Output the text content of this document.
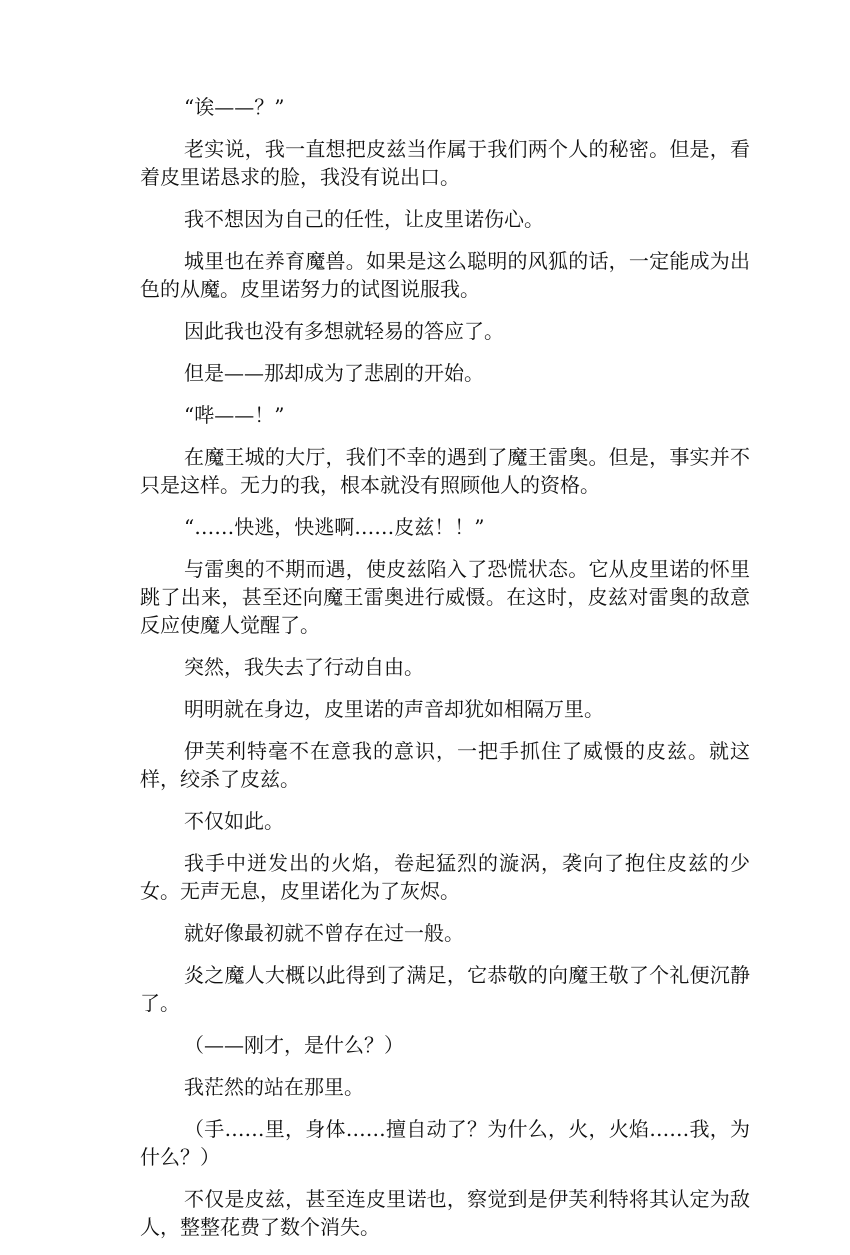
“诶——？”

老实说，我一直想把皮兹当作属于我们两个人的秘密。但是，看着皮里诺恳求的脸，我没有说出口。

我不想因为自己的任性，让皮里诺伤心。

城里也在养育魔兽。如果是这么聪明的风狐的话，一定能成为出色的从魔。皮里诺努力的试图说服我。

因此我也没有多想就轻易的答应了。

但是——那却成为了悲剧的开始。

“哔——！”

在魔王城的大厅，我们不幸的遇到了魔王雷奥。但是，事实并不只是这样。无力的我，根本就没有照顾他人的资格。

“……快逃，快逃啊……皮兹！！”

与雷奥的不期而遇，使皮兹陷入了恐慌状态。它从皮里诺的怀里跳了出来，甚至还向魔王雷奥进行威慑。在这时，皮兹对雷奥的敌意反应使魔人觉醒了。

突然，我失去了行动自由。

明明就在身边，皮里诺的声音却犹如相隔万里。

伊芙利特毫不在意我的意识，一把手抓住了威慑的皮兹。就这样，绞杀了皮兹。

不仅如此。

我手中迸发出的火焰，卷起猛烈的漩涡，袭向了抱住皮兹的少女。无声无息，皮里诺化为了灰烬。

就好像最初就不曾存在过一般。

炎之魔人大概以此得到了满足，它恭敬的向魔王敬了个礼便沉静了。

（——刚才，是什么？）

我茫然的站在那里。

（手……里，身体……擅自动了？为什么，火，火焰……我，为什么？）

不仅是皮兹，甚至连皮里诺也，察觉到是伊芙利特将其认定为敌人，整整花费了数个消失。
